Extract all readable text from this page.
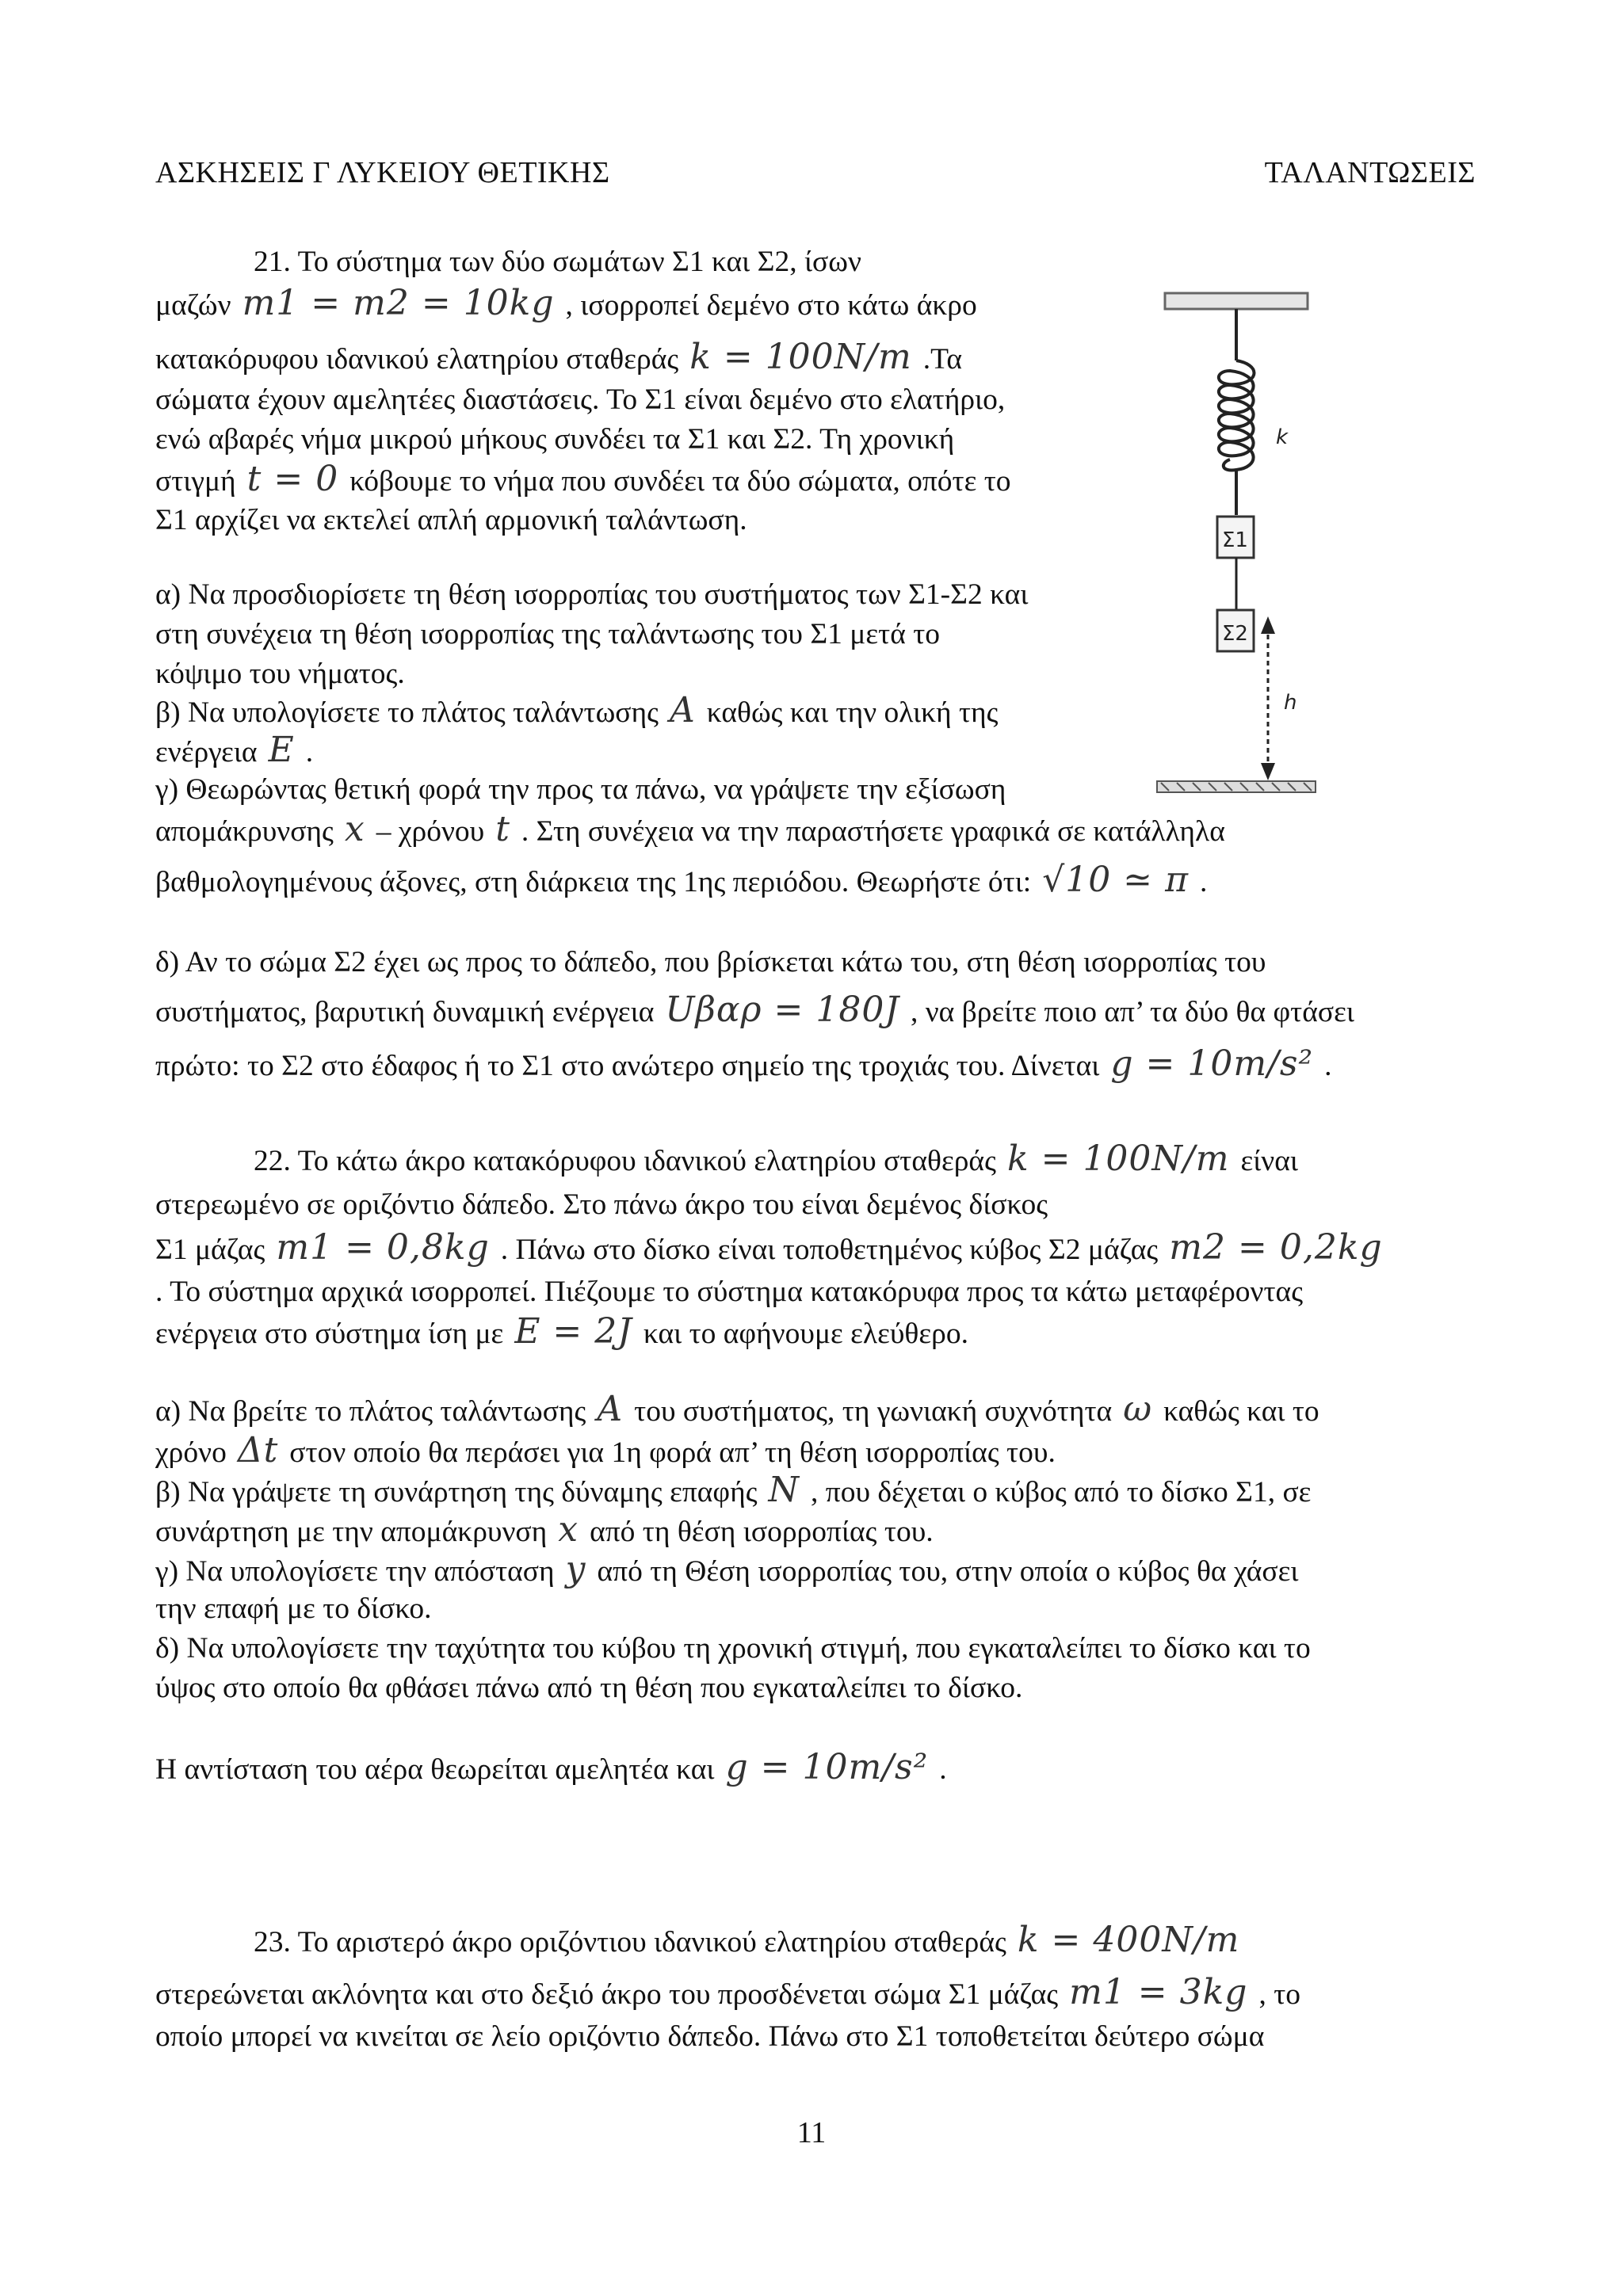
ΑΣΚΗΣΕΙΣ Γ ΛΥΚΕΙΟΥ ΘΕΤΙΚΗΣ	ΤΑΛΑΝΤΩΣΕΙΣ
21. Το σύστημα των δύο σωμάτων Σ1 και Σ2, ίσων
μαζών m1 = m2 = 10kg , ισορροπεί δεμένο στο κάτω άκρο
κατακόρυφου ιδανικού ελατηρίου σταθεράς k = 100N/m .Τα
σώματα έχουν αμελητέες διαστάσεις. Το Σ1 είναι δεμένο στο ελατήριο,
ενώ αβαρές νήμα μικρού μήκους συνδέει τα Σ1 και Σ2. Τη χρονική
στιγμή t = 0 κόβουμε το νήμα που συνδέει τα δύο σώματα, οπότε το
Σ1 αρχίζει να εκτελεί απλή αρμονική ταλάντωση.
α) Να προσδιορίσετε τη θέση ισορροπίας του συστήματος των Σ1-Σ2 και
στη συνέχεια τη θέση ισορροπίας της ταλάντωσης του Σ1 μετά το
κόψιμο του νήματος.
β) Να υπολογίσετε το πλάτος ταλάντωσης A καθώς και την ολική της
ενέργεια E .
γ) Θεωρώντας θετική φορά την προς τα πάνω, να γράψετε την εξίσωση
απομάκρυνσης x – χρόνου t . Στη συνέχεια να την παραστήσετε γραφικά σε κατάλληλα
βαθμολογημένους άξονες, στη διάρκεια της 1ης περιόδου. Θεωρήστε ότι: √10 ≃ π .
δ) Αν το σώμα Σ2 έχει ως προς το δάπεδο, που βρίσκεται κάτω του, στη θέση ισορροπίας του
συστήματος, βαρυτική δυναμική ενέργεια Uβαρ = 180J , να βρείτε ποιο απ’ τα δύο θα φτάσει
πρώτο: το Σ2 στο έδαφος ή το Σ1 στο ανώτερο σημείο της τροχιάς του. Δίνεται g = 10m/s² .
k
Σ1
Σ2
h
22. Το κάτω άκρο κατακόρυφου ιδανικού ελατηρίου σταθεράς k = 100N/m είναι
στερεωμένο σε οριζόντιο δάπεδο. Στο πάνω άκρο του είναι δεμένος δίσκος
Σ1 μάζας m1 = 0,8kg . Πάνω στο δίσκο είναι τοποθετημένος κύβος Σ2 μάζας m2 = 0,2kg
. Το σύστημα αρχικά ισορροπεί. Πιέζουμε το σύστημα κατακόρυφα προς τα κάτω μεταφέροντας
ενέργεια στο σύστημα ίση με E = 2J και το αφήνουμε ελεύθερο.
α) Να βρείτε το πλάτος ταλάντωσης A του συστήματος, τη γωνιακή συχνότητα ω καθώς και το
χρόνο Δt στον οποίο θα περάσει για 1η φορά απ’ τη θέση ισορροπίας του.
β) Να γράψετε τη συνάρτηση της δύναμης επαφής N , που δέχεται ο κύβος από το δίσκο Σ1, σε
συνάρτηση με την απομάκρυνση x από τη θέση ισορροπίας του.
γ) Να υπολογίσετε την απόσταση y από τη Θέση ισορροπίας του, στην οποία ο κύβος θα χάσει
την επαφή με το δίσκο.
δ) Να υπολογίσετε την ταχύτητα του κύβου τη χρονική στιγμή, που εγκαταλείπει το δίσκο και το
ύψος στο οποίο θα φθάσει πάνω από τη θέση που εγκαταλείπει το δίσκο.
Η αντίσταση του αέρα θεωρείται αμελητέα και g = 10m/s² .
23. Το αριστερό άκρο οριζόντιου ιδανικού ελατηρίου σταθεράς k = 400N/m
στερεώνεται ακλόνητα και στο δεξιό άκρο του προσδένεται σώμα Σ1 μάζας m1 = 3kg , το
οποίο μπορεί να κινείται σε λείο οριζόντιο δάπεδο. Πάνω στο Σ1 τοποθετείται δεύτερο σώμα
11
